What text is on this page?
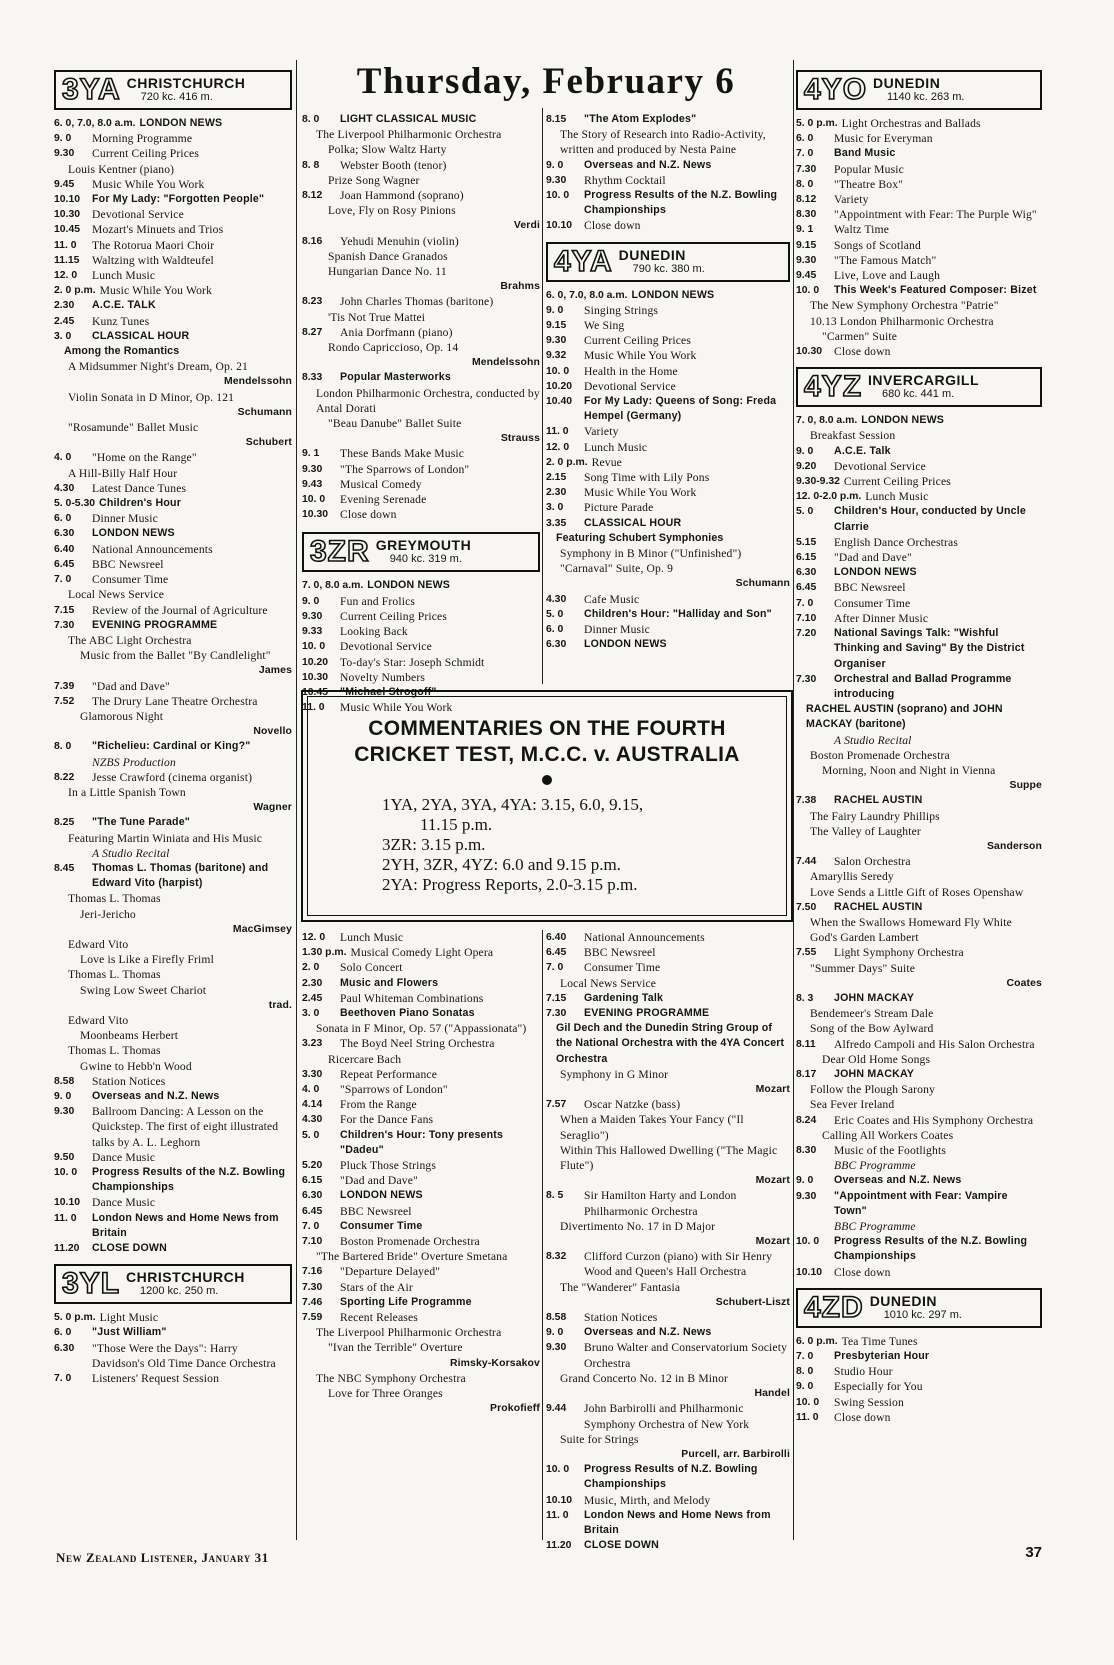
Thursday, February 6
3YA CHRISTCHURCH
720 kc. 416 m.
6. 0, 7.0, 8.0 a.m. LONDON NEWS
9. 0	Morning Programme
9.30	Current Ceiling Prices
Louis Kentner (piano)
9.45	Music While You Work
10.10	For My Lady: "Forgotten People"
10.30	Devotional Service
10.45	Mozart's Minuets and Trios
11. 0	The Rotorua Maori Choir
11.15	Waltzing with Waldteufel
12. 0	Lunch Music
2. 0 p.m. Music While You Work
2.30	A.C.E. TALK
2.45	Kunz Tunes
3. 0	CLASSICAL HOUR
Among the Romantics
A Midsummer Night's Dream, Op. 21
Mendelssohn
Violin Sonata in D Minor, Op. 121
Schumann
"Rosamunde" Ballet Music
Schubert
4. 0	"Home on the Range"
A Hill-Billy Half Hour
4.30	Latest Dance Tunes
5. 0-5.30 Children's Hour
6. 0	Dinner Music
6.30	LONDON NEWS
6.40	National Announcements
6.45	BBC Newsreel
7. 0	Consumer Time
Local News Service
7.15	Review of the Journal of Agriculture
7.30	EVENING PROGRAMME
The ABC Light Orchestra
Music from the Ballet "By Candlelight"
James
7.39	"Dad and Dave"
7.52	The Drury Lane Theatre Orchestra
Glamorous Night
Novello
8. 0	"Richelieu: Cardinal or King?"
NZBS Production
8.22	Jesse Crawford (cinema organist)
In a Little Spanish Town
Wagner
8.25	"The Tune Parade"
Featuring Martin Winiata and His Music
A Studio Recital
8.45	Thomas L. Thomas (baritone) and Edward Vito (harpist)
Thomas L. Thomas
Jeri-Jericho
MacGimsey
Edward Vito
Love is Like a Firefly Friml
Thomas L. Thomas
Swing Low Sweet Chariot
trad.
Edward Vito
Moonbeams Herbert
Thomas L. Thomas
Gwine to Hebb'n Wood
8.58	Station Notices
9. 0	Overseas and N.Z. News
9.30	Ballroom Dancing: A Lesson on the Quickstep. The first of eight illustrated talks by A. L. Leghorn
9.50	Dance Music
10. 0	Progress Results of the N.Z. Bowling Championships
10.10	Dance Music
11. 0	London News and Home News from Britain
11.20	CLOSE DOWN
3YL CHRISTCHURCH
1200 kc. 250 m.
5. 0 p.m. Light Music
6. 0	"Just William"
6.30	"Those Were the Days": Harry Davidson's Old Time Dance Orchestra
7. 0	Listeners' Request Session
8. 0	LIGHT CLASSICAL MUSIC
The Liverpool Philharmonic Orchestra
Polka; Slow Waltz Harty
8. 8	Webster Booth (tenor)
Prize Song Wagner
8.12	Joan Hammond (soprano)
Love, Fly on Rosy Pinions
Verdi
8.16	Yehudi Menuhin (violin)
Spanish Dance Granados
Hungarian Dance No. 11
Brahms
8.23	John Charles Thomas (baritone)
'Tis Not True Mattei
8.27	Ania Dorfmann (piano)
Rondo Capriccioso, Op. 14
Mendelssohn
8.33	Popular Masterworks
London Philharmonic Orchestra, conducted by Antal Dorati
"Beau Danube" Ballet Suite
Strauss
9. 1	These Bands Make Music
9.30	"The Sparrows of London"
9.43	Musical Comedy
10. 0	Evening Serenade
10.30	Close down
3ZR GREYMOUTH
940 kc. 319 m.
7. 0, 8.0 a.m. LONDON NEWS
9. 0	Fun and Frolics
9.30	Current Ceiling Prices
9.33	Looking Back
10. 0	Devotional Service
10.20	To-day's Star: Joseph Schmidt
10.30	Novelty Numbers
10.45	"Michael Strogoff"
11. 0	Music While You Work
8.15	"The Atom Explodes"
The Story of Research into Radio-Activity, written and produced by Nesta Paine
9. 0	Overseas and N.Z. News
9.30	Rhythm Cocktail
10. 0	Progress Results of the N.Z. Bowling Championships
10.10	Close down
4YA DUNEDIN
790 kc. 380 m.
6. 0, 7.0, 8.0 a.m. LONDON NEWS
9. 0	Singing Strings
9.15	We Sing
9.30	Current Ceiling Prices
9.32	Music While You Work
10. 0	Health in the Home
10.20	Devotional Service
10.40	For My Lady: Queens of Song: Freda Hempel (Germany)
11. 0	Variety
12. 0	Lunch Music
2. 0 p.m. Revue
2.15	Song Time with Lily Pons
2.30	Music While You Work
3. 0	Picture Parade
3.35	CLASSICAL HOUR
Featuring Schubert Symphonies
Symphony in B Minor ("Unfinished")
"Carnaval" Suite, Op. 9
Schumann
4.30	Cafe Music
5. 0	Children's Hour: "Halliday and Son"
6. 0	Dinner Music
6.30	LONDON NEWS
4YO DUNEDIN
1140 kc. 263 m.
5. 0 p.m. Light Orchestras and Ballads
6. 0	Music for Everyman
7. 0	Band Music
7.30	Popular Music
8. 0	"Theatre Box"
8.12	Variety
8.30	"Appointment with Fear: The Purple Wig"
9. 1	Waltz Time
9.15	Songs of Scotland
9.30	"The Famous Match"
9.45	Live, Love and Laugh
10. 0	This Week's Featured Composer: Bizet
The New Symphony Orchestra "Patrie"
10.13 London Philharmonic Orchestra
"Carmen" Suite
10.30	Close down
4YZ INVERCARGILL
680 kc. 441 m.
7. 0, 8.0 a.m. LONDON NEWS
Breakfast Session
9. 0	A.C.E. Talk
9.20	Devotional Service
9.30-9.32 Current Ceiling Prices
12. 0-2.0 p.m. Lunch Music
5. 0	Children's Hour, conducted by Uncle Clarrie
5.15	English Dance Orchestras
6.15	"Dad and Dave"
6.30	LONDON NEWS
6.45	BBC Newsreel
7. 0	Consumer Time
7.10	After Dinner Music
7.20	National Savings Talk: "Wishful Thinking and Saving" By the District Organiser
7.30	Orchestral and Ballad Programme introducing
RACHEL AUSTIN (soprano) and JOHN MACKAY (baritone)
A Studio Recital
Boston Promenade Orchestra
Morning, Noon and Night in Vienna
Suppe
7.38	RACHEL AUSTIN
The Fairy Laundry Phillips
The Valley of Laughter
Sanderson
7.44	Salon Orchestra
Amaryllis Seredy
Love Sends a Little Gift of Roses Openshaw
7.50	RACHEL AUSTIN
When the Swallows Homeward Fly White
God's Garden Lambert
7.55	Light Symphony Orchestra
"Summer Days" Suite
Coates
8. 3	JOHN MACKAY
Bendemeer's Stream Dale
Song of the Bow Aylward
8.11	Alfredo Campoli and His Salon Orchestra
Dear Old Home Songs
8.17	JOHN MACKAY
Follow the Plough Sarony
Sea Fever Ireland
8.24	Eric Coates and His Symphony Orchestra
Calling All Workers Coates
8.30	Music of the Footlights
BBC Programme
9. 0	Overseas and N.Z. News
9.30	"Appointment with Fear: Vampire Town"
BBC Programme
10. 0	Progress Results of the N.Z. Bowling Championships
10.10	Close down
4ZD DUNEDIN
1010 kc. 297 m.
6. 0 p.m. Tea Time Tunes
7. 0	Presbyterian Hour
8. 0	Studio Hour
9. 0	Especially for You
10. 0	Swing Session
11. 0	Close down
COMMENTARIES ON THE FOURTH
CRICKET TEST, M.C.C. v. AUSTRALIA
1YA, 2YA, 3YA, 4YA: 3.15, 6.0, 9.15,
11.15 p.m.
3ZR: 3.15 p.m.
2YH, 3ZR, 4YZ: 6.0 and 9.15 p.m.
2YA: Progress Reports, 2.0-3.15 p.m.
12. 0	Lunch Music
1.30 p.m. Musical Comedy Light Opera
2. 0	Solo Concert
2.30	Music and Flowers
2.45	Paul Whiteman Combinations
3. 0	Beethoven Piano Sonatas
Sonata in F Minor, Op. 57 ("Appassionata")
3.23	The Boyd Neel String Orchestra
Ricercare Bach
3.30	Repeat Performance
4. 0	"Sparrows of London"
4.14	From the Range
4.30	For the Dance Fans
5. 0	Children's Hour: Tony presents "Dadeu"
5.20	Pluck Those Strings
6.15	"Dad and Dave"
6.30	LONDON NEWS
6.45	BBC Newsreel
7. 0	Consumer Time
7.10	Boston Promenade Orchestra
"The Bartered Bride" Overture Smetana
7.16	"Departure Delayed"
7.30	Stars of the Air
7.46	Sporting Life Programme
7.59	Recent Releases
The Liverpool Philharmonic Orchestra
"Ivan the Terrible" Overture
Rimsky-Korsakov
The NBC Symphony Orchestra
Love for Three Oranges
Prokofieff
6.40	National Announcements
6.45	BBC Newsreel
7. 0	Consumer Time
Local News Service
7.15	Gardening Talk
7.30	EVENING PROGRAMME
Gil Dech and the Dunedin String Group of the National Orchestra with the 4YA Concert Orchestra
Symphony in G Minor
Mozart
7.57	Oscar Natzke (bass)
When a Maiden Takes Your Fancy ("Il Seraglio")
Within This Hallowed Dwelling ("The Magic Flute")
Mozart
8. 5	Sir Hamilton Harty and London Philharmonic Orchestra
Divertimento No. 17 in D Major
Mozart
8.32	Clifford Curzon (piano) with Sir Henry Wood and Queen's Hall Orchestra
The "Wanderer" Fantasia
Schubert-Liszt
8.58	Station Notices
9. 0	Overseas and N.Z. News
9.30	Bruno Walter and Conservatorium Society Orchestra
Grand Concerto No. 12 in B Minor
Handel
9.44	John Barbirolli and Philharmonic Symphony Orchestra of New York
Suite for Strings
Purcell, arr. Barbirolli
10. 0	Progress Results of N.Z. Bowling Championships
10.10	Music, Mirth, and Melody
11. 0	London News and Home News from Britain
11.20	CLOSE DOWN
New Zealand Listener, January 31	37
